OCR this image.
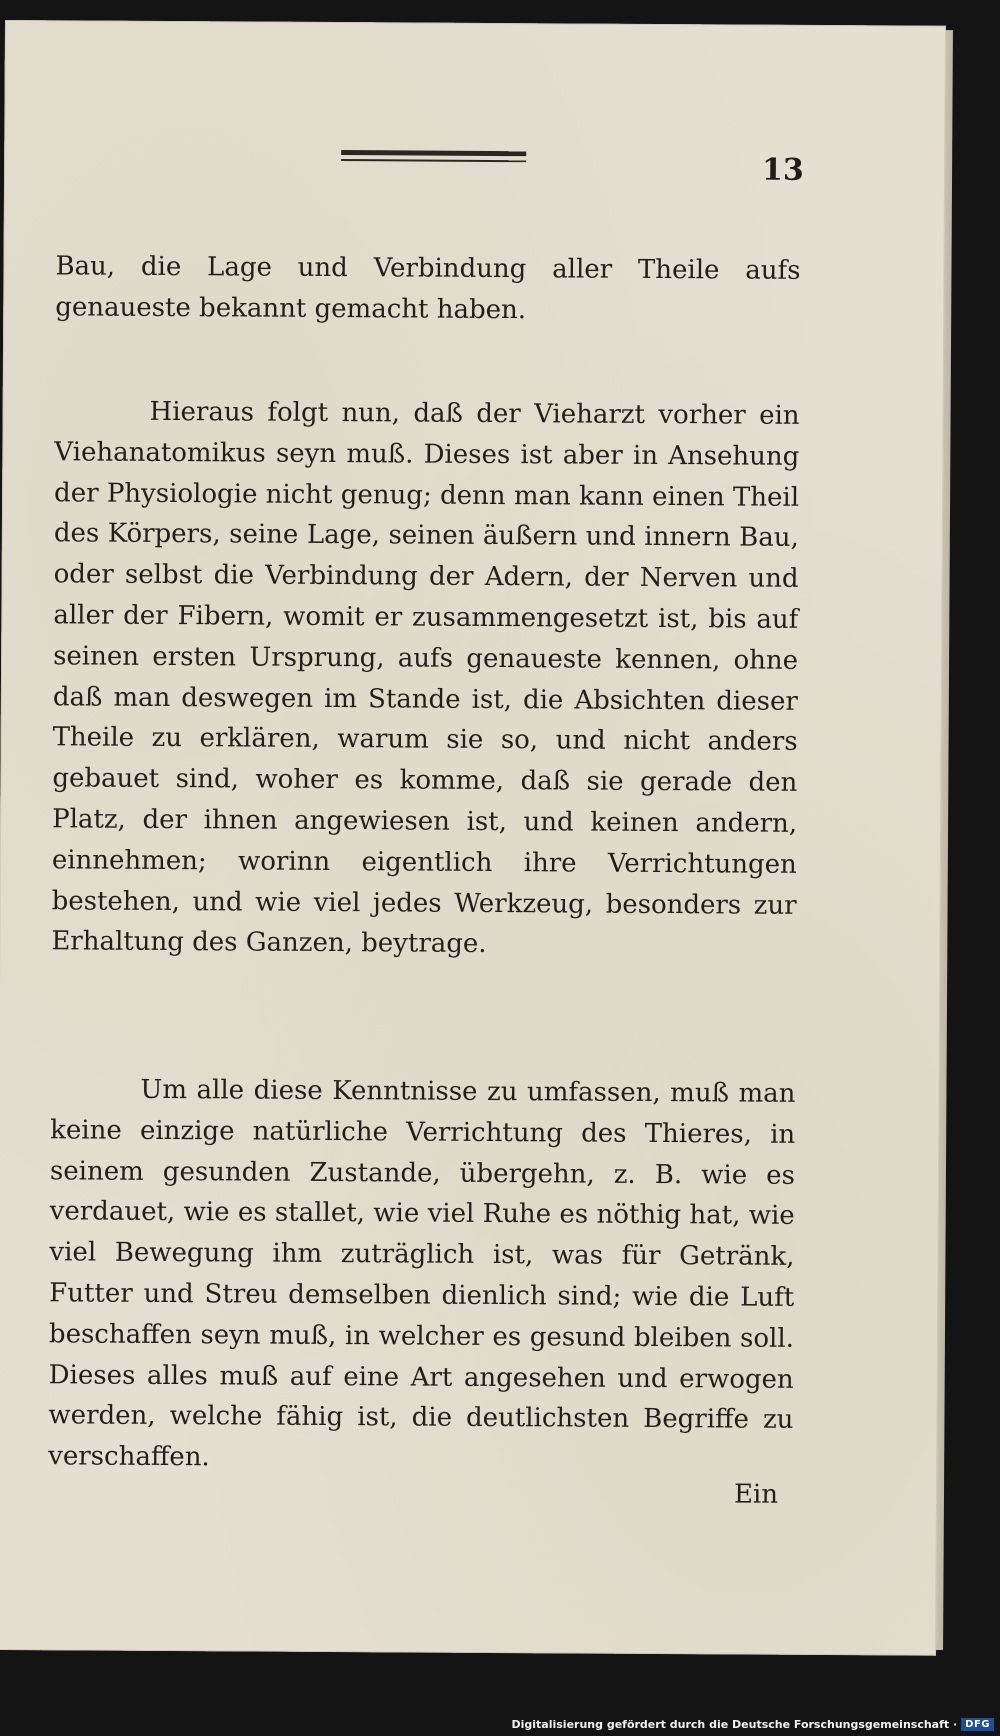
13

Bau, die Lage und Verbindung aller Theile aufs genaueste bekannt gemacht haben.

Hieraus folgt nun, daß der Vieharzt vorher ein Viehanatomikus seyn muß. Dieses ist aber in Ansehung der Physiologie nicht genug; denn man kann einen Theil des Körpers, seine Lage, seinen äußern und innern Bau, oder selbst die Verbindung der Adern, der Nerven und aller der Fibern, womit er zusammengesetzt ist, bis auf seinen ersten Ursprung, aufs genaueste kennen, ohne daß man deswegen im Stande ist, die Absichten dieser Theile zu erklären, warum sie so, und nicht anders gebauet sind, woher es komme, daß sie gerade den Platz, der ihnen angewiesen ist, und keinen andern, einnehmen; worinn eigentlich ihre Verrichtungen bestehen, und wie viel jedes Werkzeug, besonders zur Erhaltung des Ganzen, beytrage.

Um alle diese Kenntnisse zu umfassen, muß man keine einzige natürliche Verrichtung des Thieres, in seinem gesunden Zustande, übergehn, z. B. wie es verdauet, wie es stallet, wie viel Ruhe es nöthig hat, wie viel Bewegung ihm zuträglich ist, was für Getränk, Futter und Streu demselben dienlich sind; wie die Luft beschaffen seyn muß, in welcher es gesund bleiben soll. Dieses alles muß auf eine Art angesehen und erwogen werden, welche fähig ist, die deutlichsten Begriffe zu verschaffen.

Ein
Digitalisierung gefördert durch die Deutsche Forschungsgemeinschaft · DFG
